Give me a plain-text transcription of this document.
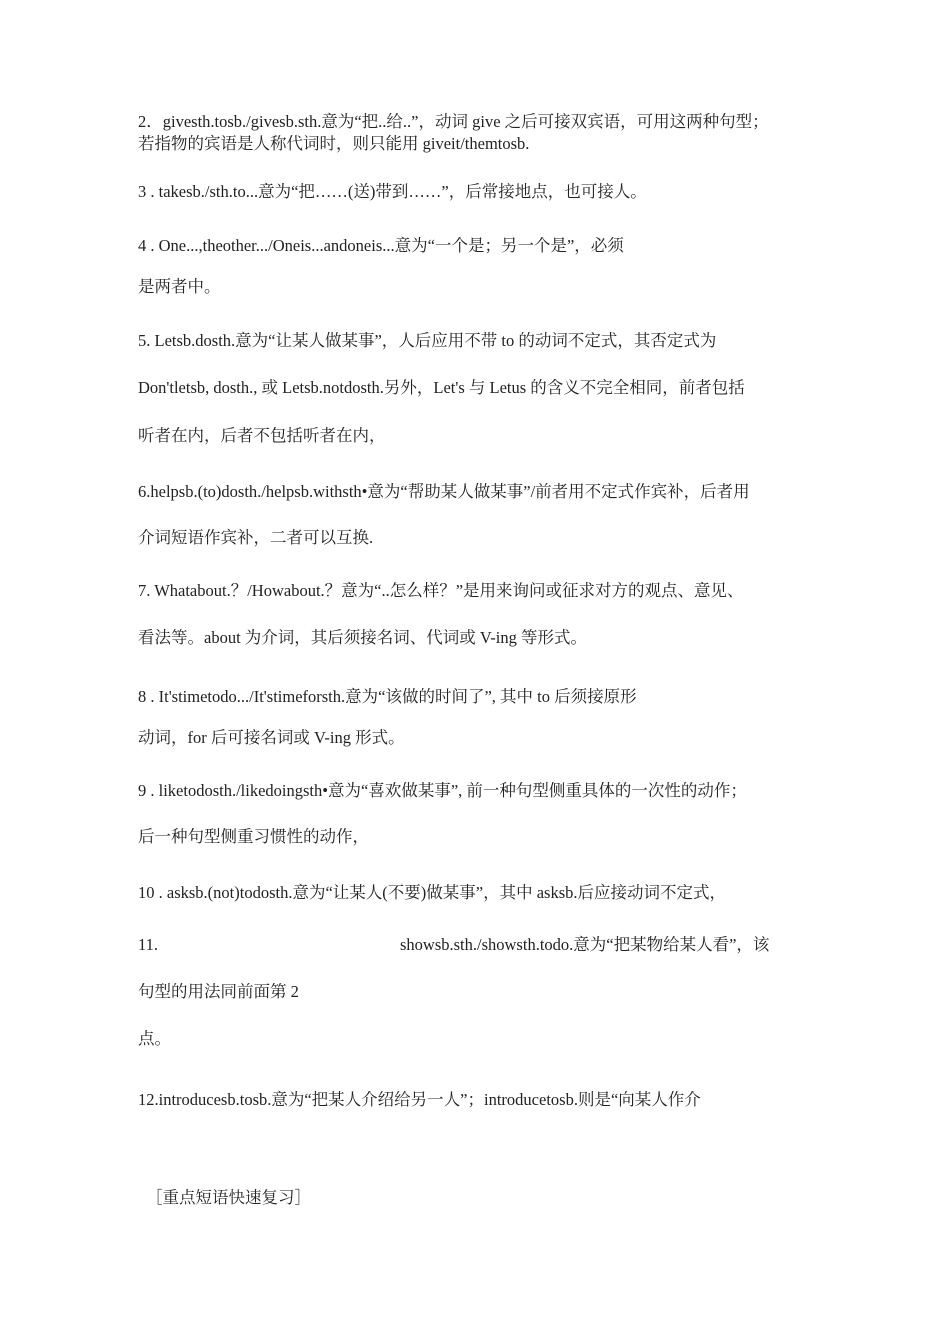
2．givesth.tosb./givesb.sth.意为“把..给..”，动词 give 之后可接双宾语，可用这两种句型；
若指物的宾语是人称代词时，则只能用 giveit/themtosb.
3 . takesb./sth.to...意为“把……(送)带到……”，后常接地点，也可接人。
4 . One...,theother.../Oneis...andoneis...意为“一个是；另一个是”，必须
是两者中。
5. Letsb.dosth.意为“让某人做某事”，人后应用不带 to 的动词不定式，其否定式为
Don'tletsb, dosth., 或 Letsb.notdosth.另外，Let's 与 Letus 的含义不完全相同，前者包括
听者在内，后者不包括听者在内，
6.helpsb.(to)dosth./helpsb.withsth•意为“帮助某人做某事”/前者用不定式作宾补，后者用
介词短语作宾补，二者可以互换.
7. Whatabout.？/Howabout.？意为“..怎么样？”是用来询问或征求对方的观点、意见、
看法等。about 为介词，其后须接名词、代词或 V-ing 等形式。
8 . It'stimetodo.../It'stimeforsth.意为“该做的时间了”, 其中 to 后须接原形
动词，for 后可接名词或 V-ing 形式。
9 . liketodosth./likedoingsth•意为“喜欢做某事”, 前一种句型侧重具体的一次性的动作；
后一种句型侧重习惯性的动作，
10 . asksb.(not)todosth.意为“让某人(不要)做某事”，其中 asksb.后应接动词不定式，
11.	showsb.sth./showsth.todo.意为“把某物给某人看”，该
句型的用法同前面第 2
点。
12.introducesb.tosb.意为“把某人介绍给另一人”；introducetosb.则是“向某人作介
［重点短语快速复习］
